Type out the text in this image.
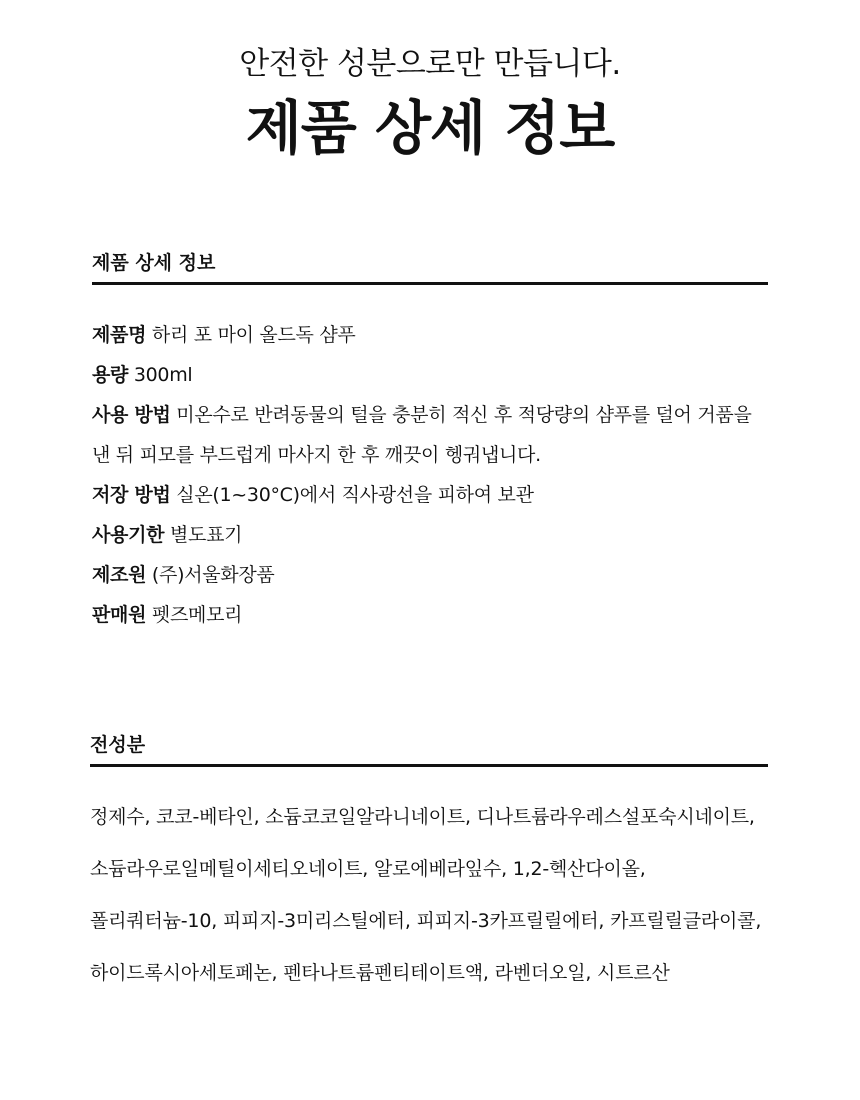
안전한 성분으로만 만듭니다.

제품 상세 정보
제품 상세 정보

제품명 하리 포 마이 올드독 샴푸

용량 300ml

사용 방법 미온수로 반려동물의 털을 충분히 적신 후 적당량의 샴푸를 덜어 거품을 낸 뒤 피모를 부드럽게 마사지 한 후 깨끗이 헹궈냅니다.

저장 방법 실온(1~30°C)에서 직사광선을 피하여 보관

사용기한 별도표기

제조원 (주)서울화장품

판매원 펫즈메모리

전성분

정제수, 코코-베타인, 소듐코코일알라니네이트, 디나트륨라우레스설포숙시네이트, 소듐라우로일메틸이세티오네이트, 알로에베라잎수, 1,2-헥산다이올, 폴리쿼터늄-10, 피피지-3미리스틸에터, 피피지-3카프릴릴에터, 카프릴릴글라이콜,하이드록시아세토페논, 펜타나트륨펜티테이트액, 라벤더오일, 시트르산
